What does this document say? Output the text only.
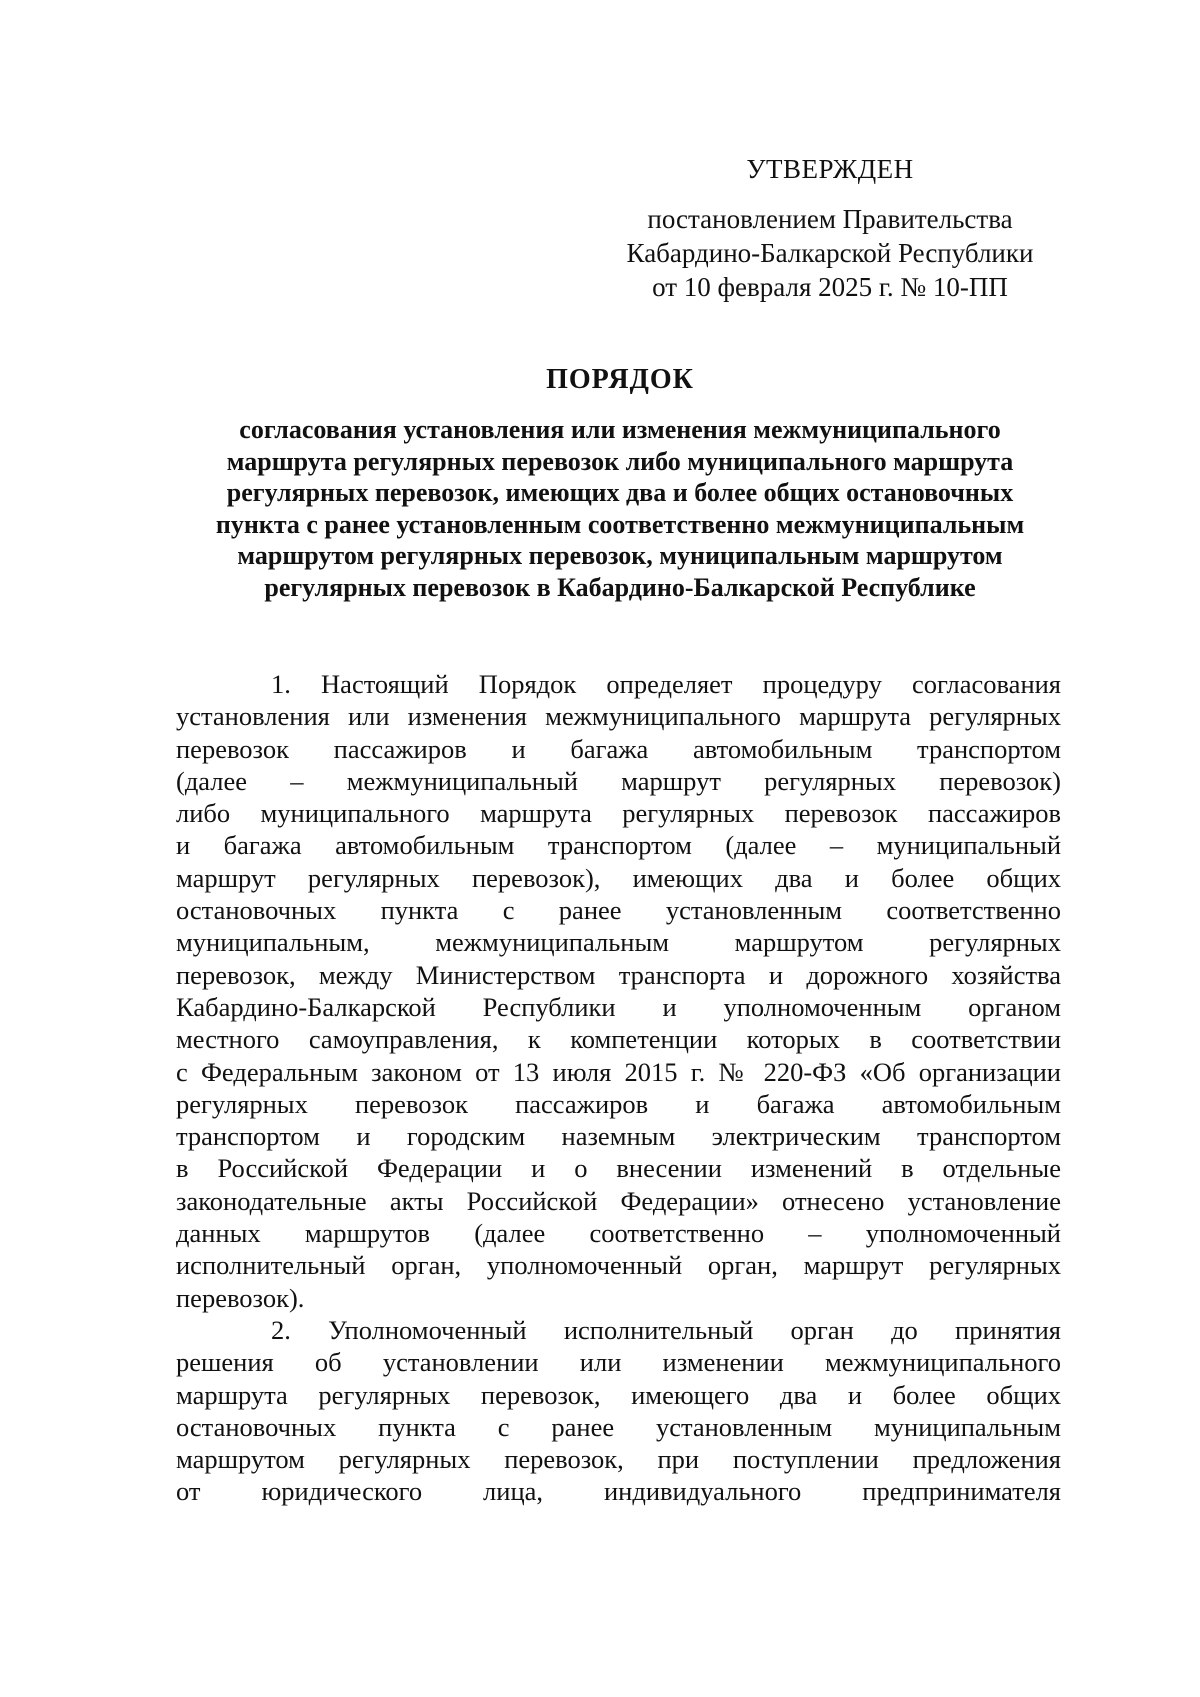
УТВЕРЖДЕН
постановлением Правительства
Кабардино-Балкарской Республики
от 10 февраля 2025 г. № 10-ПП
ПОРЯДОК
согласования установления или изменения межмуниципального
маршрута регулярных перевозок либо муниципального маршрута
регулярных перевозок, имеющих два и более общих остановочных
пункта с ранее установленным соответственно межмуниципальным
маршрутом регулярных перевозок, муниципальным маршрутом
регулярных перевозок в Кабардино-Балкарской Республике
1. Настоящий Порядок определяет процедуру согласования
установления или изменения межмуниципального маршрута регулярных
перевозок пассажиров и багажа автомобильным транспортом
(далее – межмуниципальный маршрут регулярных перевозок)
либо муниципального маршрута регулярных перевозок пассажиров
и багажа автомобильным транспортом (далее – муниципальный
маршрут регулярных перевозок), имеющих два и более общих
остановочных пункта с ранее установленным соответственно
муниципальным, межмуниципальным маршрутом регулярных
перевозок, между Министерством транспорта и дорожного хозяйства
Кабардино-Балкарской Республики и уполномоченным органом
местного самоуправления, к компетенции которых в соответствии
с Федеральным законом от 13 июля 2015 г. № 220-ФЗ «Об организации
регулярных перевозок пассажиров и багажа автомобильным
транспортом и городским наземным электрическим транспортом
в Российской Федерации и о внесении изменений в отдельные
законодательные акты Российской Федерации» отнесено установление
данных маршрутов (далее соответственно – уполномоченный
исполнительный орган, уполномоченный орган, маршрут регулярных
перевозок).
2. Уполномоченный исполнительный орган до принятия
решения об установлении или изменении межмуниципального
маршрута регулярных перевозок, имеющего два и более общих
остановочных пункта с ранее установленным муниципальным
маршрутом регулярных перевозок, при поступлении предложения
от юридического лица, индивидуального предпринимателя
